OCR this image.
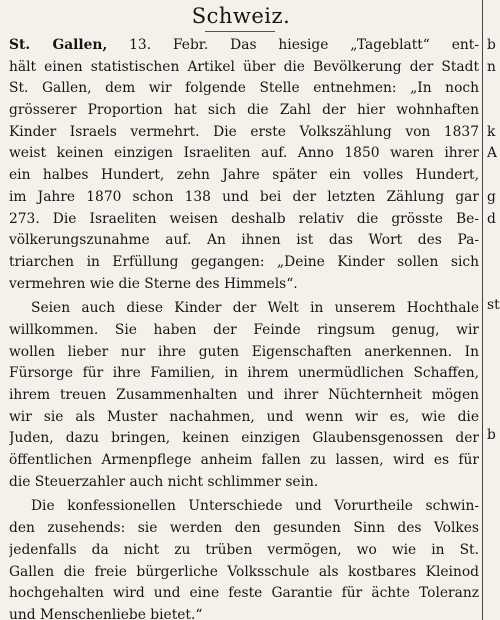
Schweiz.
St. Gallen, 13. Febr. Das hiesige „Tageblatt“ ent-
hält einen statistischen Artikel über die Bevölkerung der Stadt
St. Gallen, dem wir folgende Stelle entnehmen: „In noch
grösserer Proportion hat sich die Zahl der hier wohnhaften
Kinder Israels vermehrt. Die erste Volkszählung von 1837
weist keinen einzigen Israeliten auf. Anno 1850 waren ihrer
ein halbes Hundert, zehn Jahre später ein volles Hundert,
im Jahre 1870 schon 138 und bei der letzten Zählung gar
273. Die Israeliten weisen deshalb relativ die grösste Be-
völkerungszunahme auf. An ihnen ist das Wort des Pa-
triarchen in Erfüllung gegangen: „Deine Kinder sollen sich
vermehren wie die Sterne des Himmels“.
Seien auch diese Kinder der Welt in unserem Hochthale
willkommen. Sie haben der Feinde ringsum genug, wir
wollen lieber nur ihre guten Eigenschaften anerkennen. In
Fürsorge für ihre Familien, in ihrem unermüdlichen Schaffen,
ihrem treuen Zusammenhalten und ihrer Nüchternheit mögen
wir sie als Muster nachahmen, und wenn wir es, wie die
Juden, dazu bringen, keinen einzigen Glaubensgenossen der
öffentlichen Armenpflege anheim fallen zu lassen, wird es für
die Steuerzahler auch nicht schlimmer sein.
Die konfessionellen Unterschiede und Vorurtheile schwin-
den zusehends: sie werden den gesunden Sinn des Volkes
jedenfalls da nicht zu trüben vermögen, wo wie in St.
Gallen die freie bürgerliche Volksschule als kostbares Kleinod
hochgehalten wird und eine feste Garantie für ächte Toleranz
und Menschenliebe bietet.“
b
n
k
A
g
d
st
b
